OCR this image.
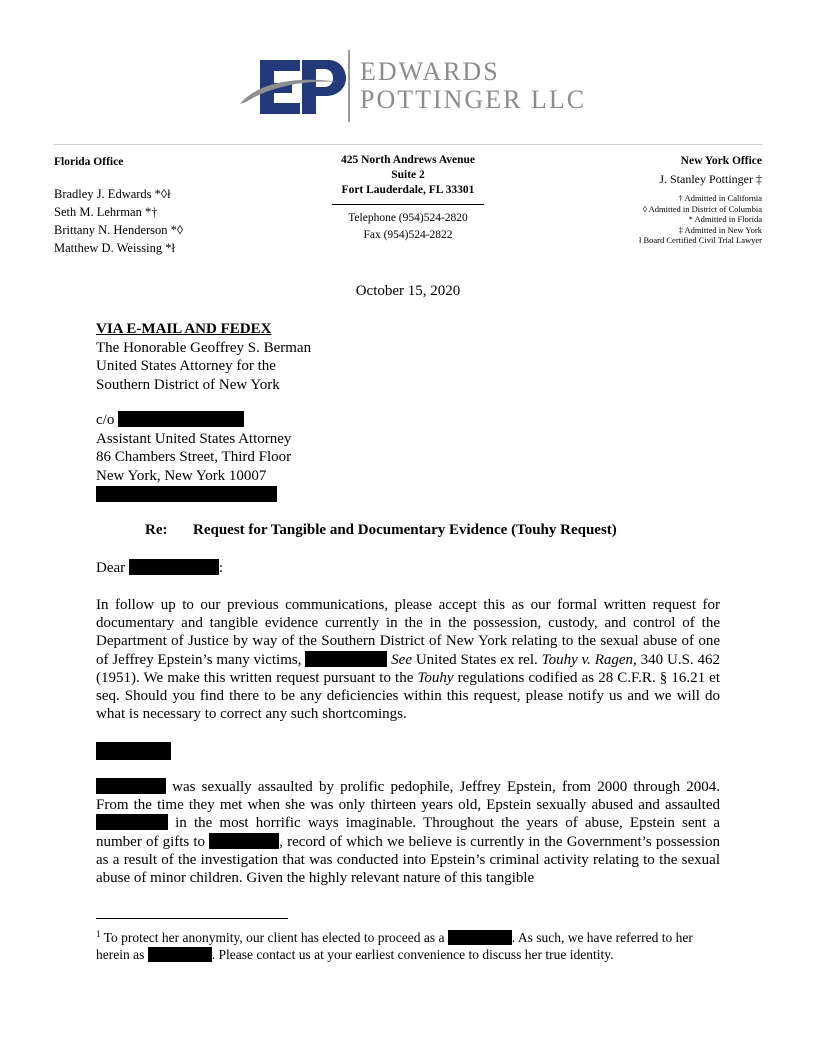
EDWARDS
POTTINGER LLC
Florida Office
Bradley J. Edwards *◊ł
Seth M. Lehrman *†
Brittany N. Henderson *◊
Matthew D. Weissing *ł
425 North Andrews Avenue
Suite 2
Fort Lauderdale, FL 33301
Telephone (954)524-2820
Fax (954)524-2822
New York Office
J. Stanley Pottinger ‡
† Admitted in California
◊ Admitted in District of Columbia
* Admitted in Florida
‡ Admitted in New York
ł Board Certified Civil Trial Lawyer
October 15, 2020
VIA E-MAIL AND FEDEX
The Honorable Geoffrey S. Berman
United States Attorney for the
Southern District of New York
c/o
Assistant United States Attorney
86 Chambers Street, Third Floor
New York, New York 10007
Re: Request for Tangible and Documentary Evidence (Touhy Request)
Dear	:
In follow up to our previous communications, please accept this as our formal written request for documentary and tangible evidence currently in the in the possession, custody, and control of the Department of Justice by way of the Southern District of New York relating to the sexual abuse of one of Jeffrey Epstein’s many victims,	See United States ex rel. Touhy v. Ragen, 340 U.S. 462 (1951). We make this written request pursuant to the Touhy regulations codified as 28 C.F.R. § 16.21 et seq. Should you find there to be any deficiencies within this request, please notify us and we will do what is necessary to correct any such shortcomings.
was sexually assaulted by prolific pedophile, Jeffrey Epstein, from 2000 through 2004. From the time they met when she was only thirteen years old, Epstein sexually abused and assaulted  in the most horrific ways imaginable. Throughout the years of abuse, Epstein sent a number of gifts to	, record of which we believe is currently in the Government’s possession as a result of the investigation that was conducted into Epstein’s criminal activity relating to the sexual abuse of minor children. Given the highly relevant nature of this tangible
$^1$ To protect her anonymity, our client has elected to proceed as a	. As such, we have referred to her herein as	. Please contact us at your earliest convenience to discuss her true identity.
